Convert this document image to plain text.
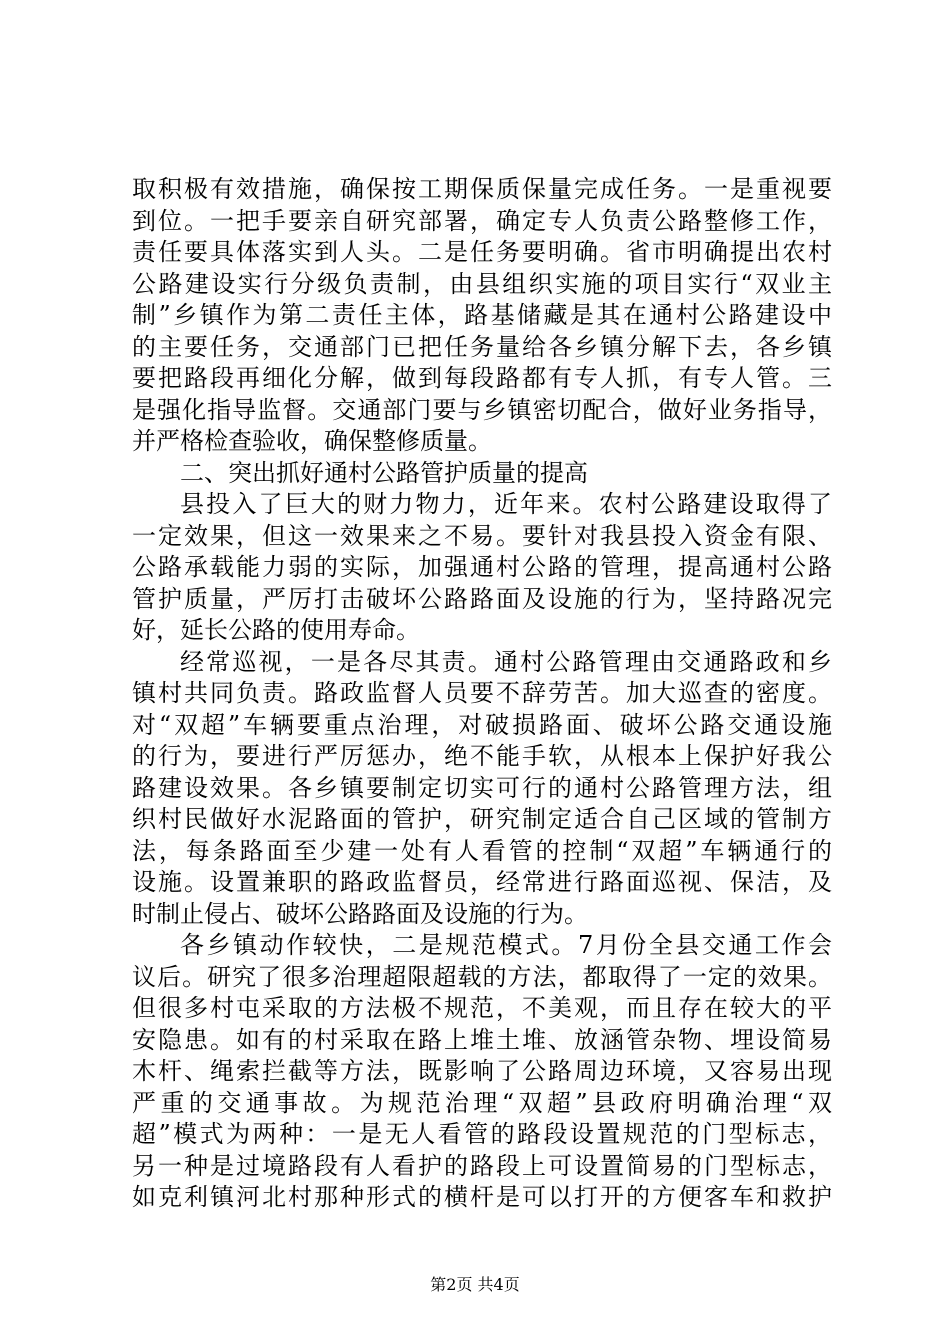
取积极有效措施，确保按工期保质保量完成任务。一是重视要
到位。一把手要亲自研究部署，确定专人负责公路整修工作，
责任要具体落实到人头。二是任务要明确。省市明确提出农村
公路建设实行分级负责制，由县组织实施的项目实行“双业主
制”乡镇作为第二责任主体，路基储藏是其在通村公路建设中
的主要任务，交通部门已把任务量给各乡镇分解下去，各乡镇
要把路段再细化分解，做到每段路都有专人抓，有专人管。三
是强化指导监督。交通部门要与乡镇密切配合，做好业务指导，
并严格检查验收，确保整修质量。
二、突出抓好通村公路管护质量的提高
县投入了巨大的财力物力，近年来。农村公路建设取得了
一定效果，但这一效果来之不易。要针对我县投入资金有限、
公路承载能力弱的实际，加强通村公路的管理，提高通村公路
管护质量，严厉打击破坏公路路面及设施的行为，坚持路况完
好，延长公路的使用寿命。
经常巡视，一是各尽其责。通村公路管理由交通路政和乡
镇村共同负责。路政监督人员要不辞劳苦。加大巡查的密度。
对“双超”车辆要重点治理，对破损路面、破坏公路交通设施
的行为，要进行严厉惩办，绝不能手软，从根本上保护好我公
路建设效果。各乡镇要制定切实可行的通村公路管理方法，组
织村民做好水泥路面的管护，研究制定适合自己区域的管制方
法，每条路面至少建一处有人看管的控制“双超”车辆通行的
设施。设置兼职的路政监督员，经常进行路面巡视、保洁，及
时制止侵占、破坏公路路面及设施的行为。
各乡镇动作较快，二是规范模式。7月份全县交通工作会
议后。研究了很多治理超限超载的方法，都取得了一定的效果。
但很多村屯采取的方法极不规范，不美观，而且存在较大的平
安隐患。如有的村采取在路上堆土堆、放涵管杂物、埋设简易
木杆、绳索拦截等方法，既影响了公路周边环境，又容易出现
严重的交通事故。为规范治理“双超”县政府明确治理“双
超”模式为两种：一是无人看管的路段设置规范的门型标志，
另一种是过境路段有人看护的路段上可设置简易的门型标志，
如克利镇河北村那种形式的横杆是可以打开的方便客车和救护
第2页 共4页
